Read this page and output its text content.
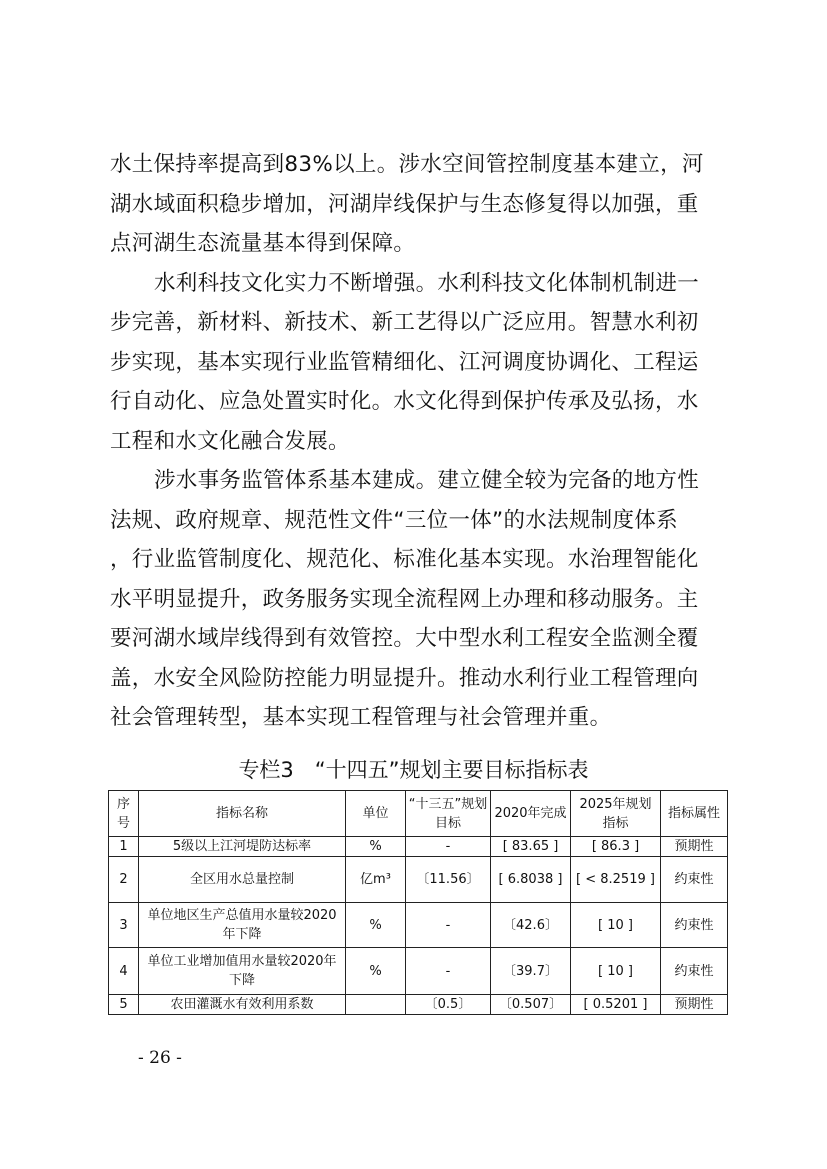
水土保持率提高到83%以上。涉水空间管控制度基本建立，河
湖水域面积稳步增加，河湖岸线保护与生态修复得以加强，重
点河湖生态流量基本得到保障。
水利科技文化实力不断增强。水利科技文化体制机制进一
步完善，新材料、新技术、新工艺得以广泛应用。智慧水利初
步实现，基本实现行业监管精细化、江河调度协调化、工程运
行自动化、应急处置实时化。水文化得到保护传承及弘扬，水
工程和水文化融合发展。
涉水事务监管体系基本建成。建立健全较为完备的地方性
法规、政府规章、规范性文件“三位一体”的水法规制度体系
，行业监管制度化、规范化、标准化基本实现。水治理智能化
水平明显提升，政务服务实现全流程网上办理和移动服务。主
要河湖水域岸线得到有效管控。大中型水利工程安全监测全覆
盖，水安全风险防控能力明显提升。推动水利行业工程管理向
社会管理转型，基本实现工程管理与社会管理并重。
专栏3　“十四五”规划主要目标指标表
序号	指标名称	单位	“十三五”规划目标	2020年完成	2025年规划指标	指标属性
1	5级以上江河堤防达标率	%	-	[ 83.65 ]	[ 86.3 ]	预期性
2	全区用水总量控制	亿m³	〔11.56〕	[ 6.8038 ]	[ < 8.2519 ]	约束性
3	单位地区生产总值用水量较2020年下降	%	-	〔42.6〕	[ 10 ]	约束性
4	单位工业增加值用水量较2020年下降	%	-	〔39.7〕	[ 10 ]	约束性
5	农田灌溉水有效利用系数		〔0.5〕	〔0.507〕	[ 0.5201 ]	预期性
- 26 -
